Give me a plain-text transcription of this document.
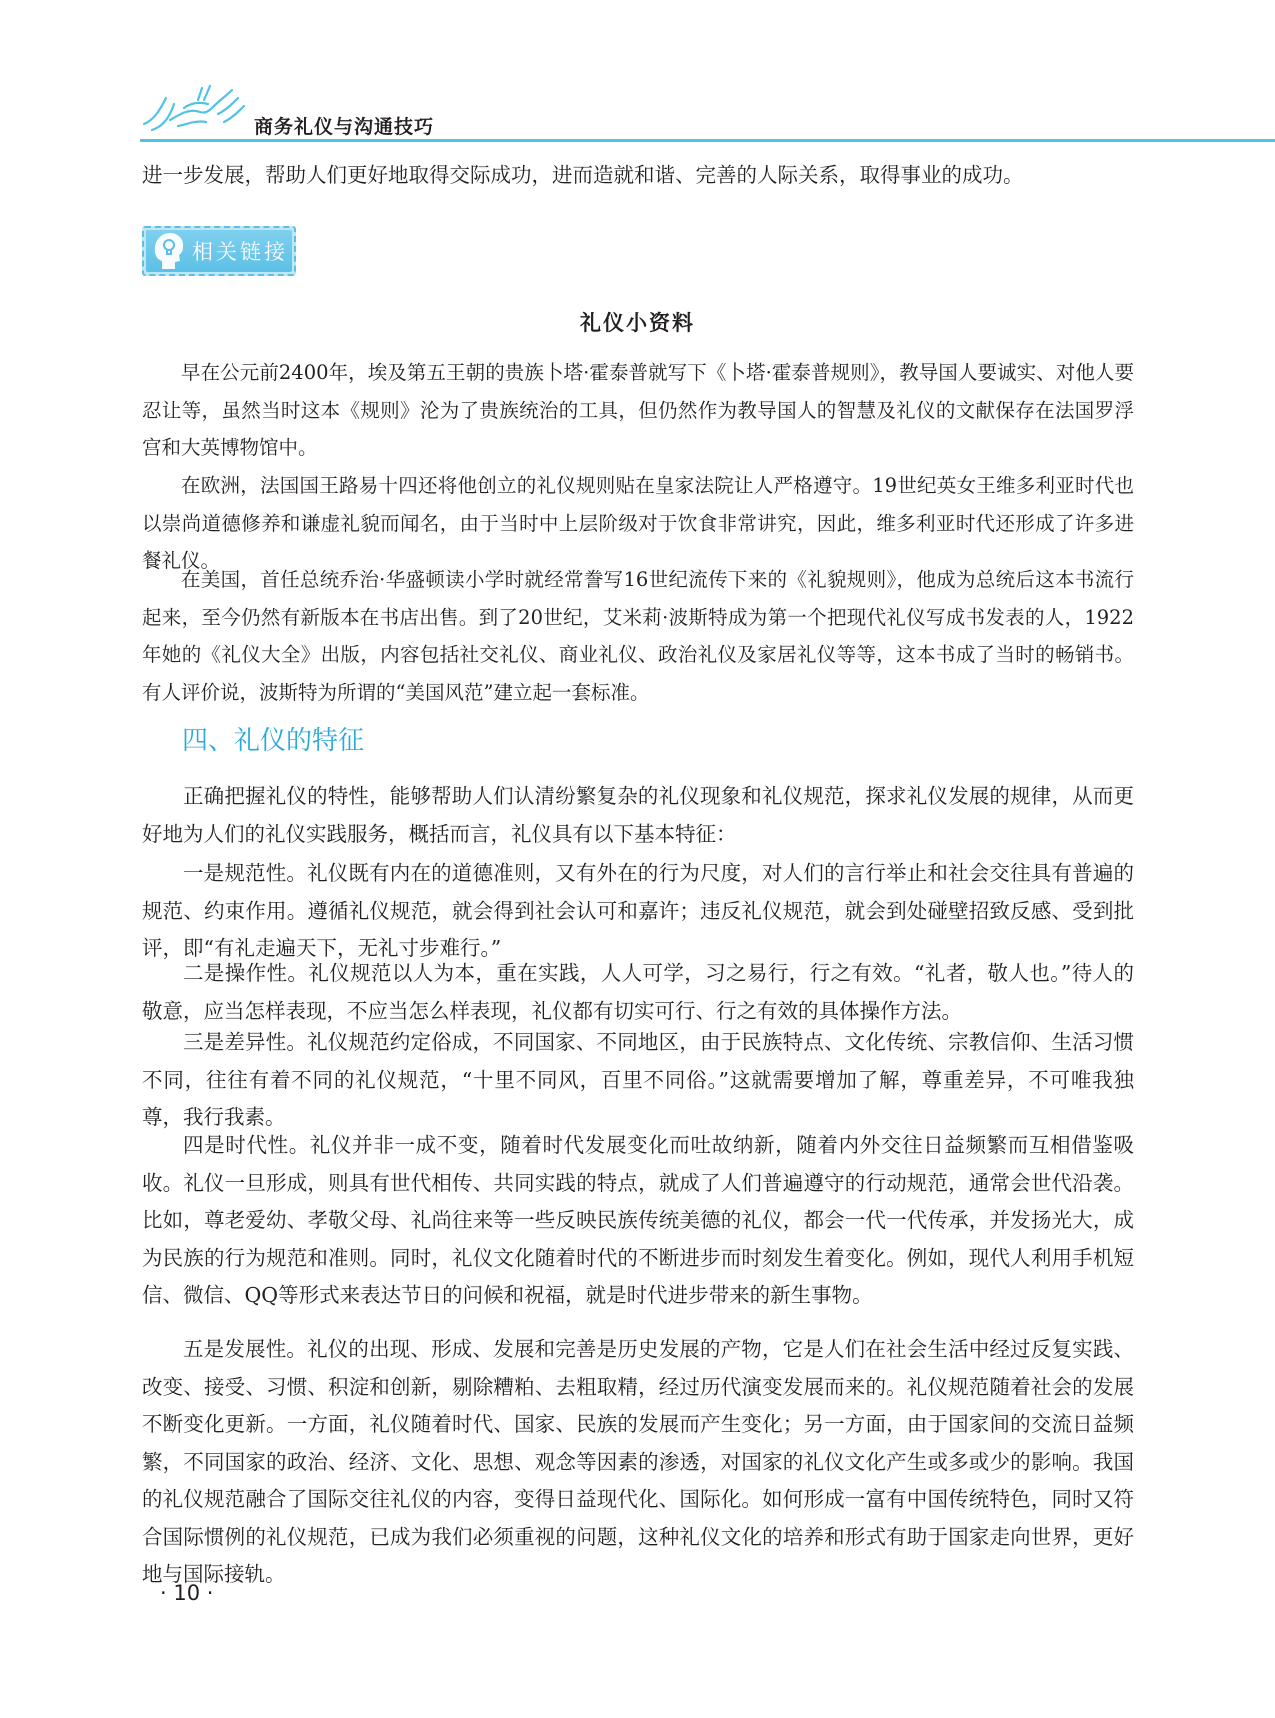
商务礼仪与沟通技巧

进一步发展，帮助人们更好地取得交际成功，进而造就和谐、完善的人际关系，取得事业的成功。

相关链接
礼仪小资料

早在公元前2400年，埃及第五王朝的贵族卜塔·霍泰普就写下《卜塔·霍泰普规则》，教导国人要诚实、对他人要忍让等，虽然当时这本《规则》沦为了贵族统治的工具，但仍然作为教导国人的智慧及礼仪的文献保存在法国罗浮宫和大英博物馆中。

在欧洲，法国国王路易十四还将他创立的礼仪规则贴在皇家法院让人严格遵守。19世纪英女王维多利亚时代也以崇尚道德修养和谦虚礼貌而闻名，由于当时中上层阶级对于饮食非常讲究，因此，维多利亚时代还形成了许多进餐礼仪。

在美国，首任总统乔治·华盛顿读小学时就经常誊写16世纪流传下来的《礼貌规则》，他成为总统后这本书流行起来，至今仍然有新版本在书店出售。到了20世纪，艾米莉·波斯特成为第一个把现代礼仪写成书发表的人，1922年她的《礼仪大全》出版，内容包括社交礼仪、商业礼仪、政治礼仪及家居礼仪等等，这本书成了当时的畅销书。有人评价说，波斯特为所谓的“美国风范”建立起一套标准。

四、礼仪的特征

正确把握礼仪的特性，能够帮助人们认清纷繁复杂的礼仪现象和礼仪规范，探求礼仪发展的规律，从而更好地为人们的礼仪实践服务，概括而言，礼仪具有以下基本特征：

一是规范性。礼仪既有内在的道德准则，又有外在的行为尺度，对人们的言行举止和社会交往具有普遍的规范、约束作用。遵循礼仪规范，就会得到社会认可和嘉许；违反礼仪规范，就会到处碰壁招致反感、受到批评，即“有礼走遍天下，无礼寸步难行。”

二是操作性。礼仪规范以人为本，重在实践，人人可学，习之易行，行之有效。“礼者，敬人也。”待人的敬意，应当怎样表现，不应当怎么样表现，礼仪都有切实可行、行之有效的具体操作方法。

三是差异性。礼仪规范约定俗成，不同国家、不同地区，由于民族特点、文化传统、宗教信仰、生活习惯不同，往往有着不同的礼仪规范，“十里不同风，百里不同俗。”这就需要增加了解，尊重差异，不可唯我独尊，我行我素。

四是时代性。礼仪并非一成不变，随着时代发展变化而吐故纳新，随着内外交往日益频繁而互相借鉴吸收。礼仪一旦形成，则具有世代相传、共同实践的特点，就成了人们普遍遵守的行动规范，通常会世代沿袭。比如，尊老爱幼、孝敬父母、礼尚往来等一些反映民族传统美德的礼仪，都会一代一代传承，并发扬光大，成为民族的行为规范和准则。同时，礼仪文化随着时代的不断进步而时刻发生着变化。例如，现代人利用手机短信、微信、QQ等形式来表达节日的问候和祝福，就是时代进步带来的新生事物。

五是发展性。礼仪的出现、形成、发展和完善是历史发展的产物，它是人们在社会生活中经过反复实践、改变、接受、习惯、积淀和创新，剔除糟粕、去粗取精，经过历代演变发展而来的。礼仪规范随着社会的发展不断变化更新。一方面，礼仪随着时代、国家、民族的发展而产生变化；另一方面，由于国家间的交流日益频繁，不同国家的政治、经济、文化、思想、观念等因素的渗透，对国家的礼仪文化产生或多或少的影响。我国的礼仪规范融合了国际交往礼仪的内容，变得日益现代化、国际化。如何形成一富有中国传统特色，同时又符合国际惯例的礼仪规范，已成为我们必须重视的问题，这种礼仪文化的培养和形式有助于国家走向世界，更好地与国际接轨。

· 10 ·
